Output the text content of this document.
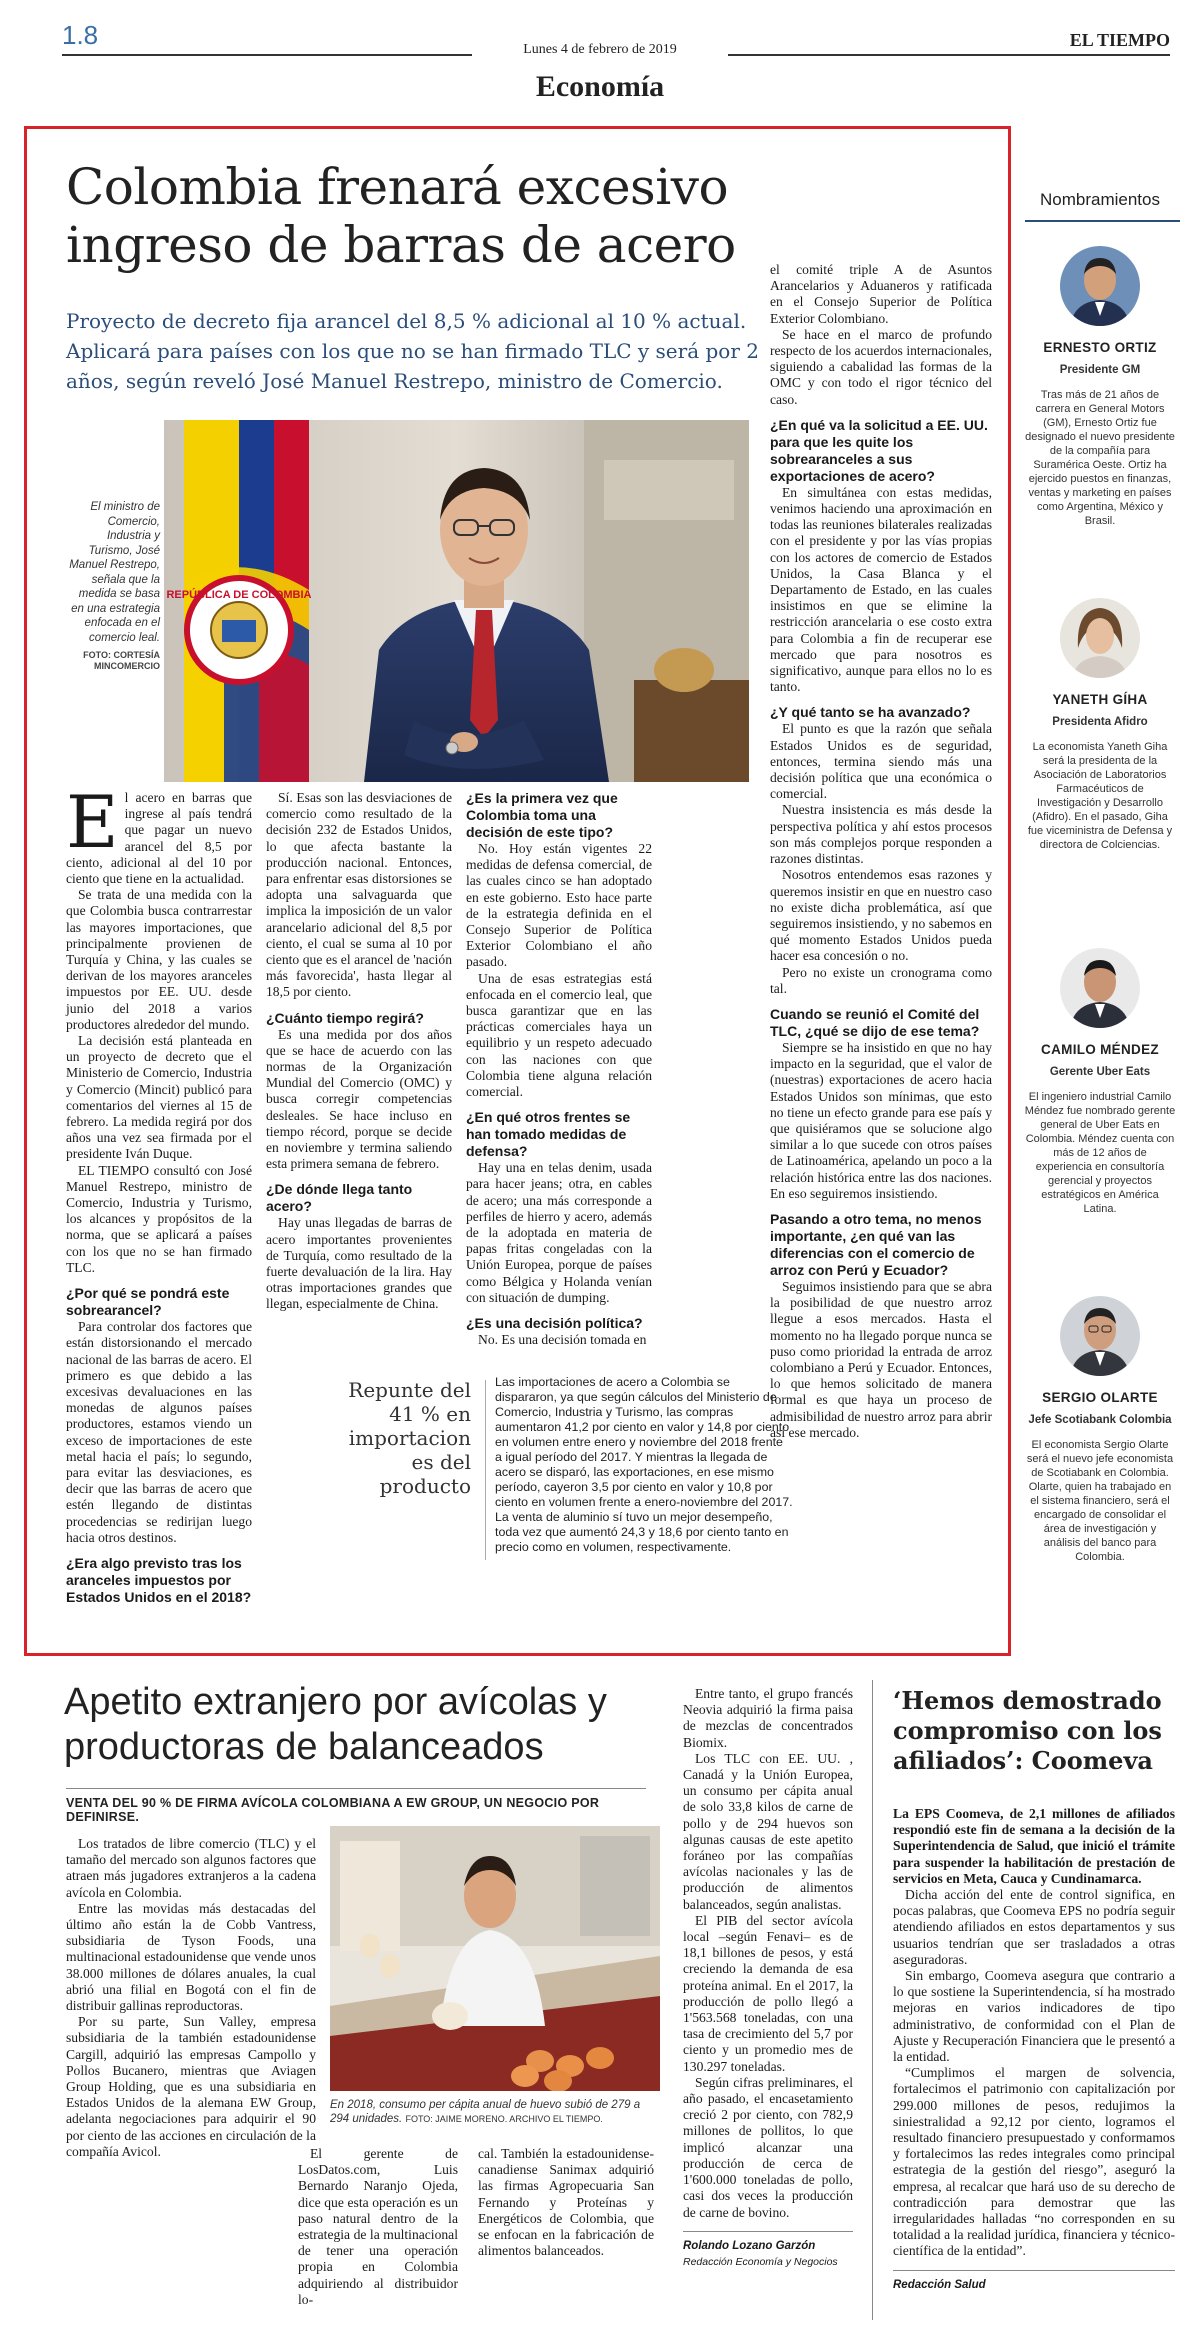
1.8	Lunes 4 de febrero de 2019	EL TIEMPO
Economía
Colombia frenará excesivo ingreso de barras de acero
Proyecto de decreto fija arancel del 8,5 % adicional al 10 % actual. Aplicará para países con los que no se han firmado TLC y será por 2 años, según reveló José Manuel Restrepo, ministro de Comercio.
El ministro de Comercio, Industria y Turismo, José Manuel Restrepo, señala que la medida se basa en una estrategia enfocada en el comercio leal.
FOTO: CORTESÍA MINCOMERCIO
REPÚBLICA DE COLOMBIA
E l acero en barras que ingrese al país tendrá que pagar un nuevo arancel del 8,5 por ciento, adicional al del 10 por ciento que tiene en la actualidad.

Se trata de una medida con la que Colombia busca contrarrestar las mayores importaciones, que principalmente provienen de Turquía y China, y las cuales se derivan de los mayores aranceles impuestos por EE. UU. desde junio del 2018 a varios productores alrededor del mundo.

La decisión está planteada en un proyecto de decreto que el Ministerio de Comercio, Industria y Comercio (Mincit) publicó para comentarios del viernes al 15 de febrero. La medida regirá por dos años una vez sea firmada por el presidente Iván Duque.

EL TIEMPO consultó con José Manuel Restrepo, ministro de Comercio, Industria y Turismo, los alcances y propósitos de la norma, que se aplicará a países con los que no se han firmado TLC.

¿Por qué se pondrá este sobrearancel?

Para controlar dos factores que están distorsionando el mercado nacional de las barras de acero. El primero es que debido a las excesivas devaluaciones en las monedas de algunos países productores, estamos viendo un exceso de importaciones de este metal hacia el país; lo segundo, para evitar las desviaciones, es decir que las barras de acero que estén llegando de distintas procedencias se redirijan luego hacia otros destinos.

¿Era algo previsto tras los aranceles impuestos por Estados Unidos en el 2018?

Sí. Esas son las desviaciones de comercio como resultado de la decisión 232 de Estados Unidos, lo que afecta bastante la producción nacional. Entonces, para enfrentar esas distorsiones se adopta una salvaguarda que implica la imposición de un valor arancelario adicional del 8,5 por ciento, el cual se suma al 10 por ciento que es el arancel de 'nación más favorecida', hasta llegar al 18,5 por ciento.

¿Cuánto tiempo regirá?

Es una medida por dos años que se hace de acuerdo con las normas de la Organización Mundial del Comercio (OMC) y busca corregir competencias desleales. Se hace incluso en tiempo récord, porque se decide en noviembre y termina saliendo esta primera semana de febrero.

¿De dónde llega tanto acero?

Hay unas llegadas de barras de acero importantes provenientes de Turquía, como resultado de la fuerte devaluación de la lira. Hay otras importaciones grandes que llegan, especialmente de China.

¿Es la primera vez que Colombia toma una decisión de este tipo?

No. Hoy están vigentes 22 medidas de defensa comercial, de las cuales cinco se han adoptado en este gobierno. Esto hace parte de la estrategia definida en el Consejo Superior de Política Exterior Colombiano el año pasado.

Una de esas estrategias está enfocada en el comercio leal, que busca garantizar que en las prácticas comerciales haya un equilibrio y un respeto adecuado con las naciones con que Colombia tiene alguna relación comercial.

¿En qué otros frentes se han tomado medidas de defensa?

Hay una en telas denim, usada para hacer jeans; otra, en cables de acero; una más corresponde a perfiles de hierro y acero, además de la adoptada en materia de papas fritas congeladas con la Unión Europea, porque de países como Bélgica y Holanda venían con situación de dumping.

¿Es una decisión política?

No. Es una decisión tomada en

el comité triple A de Asuntos Arancelarios y Aduaneros y ratificada en el Consejo Superior de Política Exterior Colombiano.

Se hace en el marco de profundo respecto de los acuerdos internacionales, siguiendo a cabalidad las formas de la OMC y con todo el rigor técnico del caso.

¿En qué va la solicitud a EE. UU. para que les quite los sobrearanceles a sus exportaciones de acero?

En simultánea con estas medidas, venimos haciendo una aproximación en todas las reuniones bilaterales realizadas con el presidente y por las vías propias con los actores de comercio de Estados Unidos, la Casa Blanca y el Departamento de Estado, en las cuales insistimos en que se elimine la restricción arancelaria o ese costo extra para Colombia a fin de recuperar ese mercado que para nosotros es significativo, aunque para ellos no lo es tanto.

¿Y qué tanto se ha avanzado?

El punto es que la razón que señala Estados Unidos es de seguridad, entonces, termina siendo más una decisión política que una económica o comercial.

Nuestra insistencia es más desde la perspectiva política y ahí estos procesos son más complejos porque responden a razones distintas.

Nosotros entendemos esas razones y queremos insistir en que en nuestro caso no existe dicha problemática, así que seguiremos insistiendo, y no sabemos en qué momento Estados Unidos pueda hacer esa concesión o no.

Pero no existe un cronograma como tal.

Cuando se reunió el Comité del TLC, ¿qué se dijo de ese tema?

Siempre se ha insistido en que no hay impacto en la seguridad, que el valor de (nuestras) exportaciones de acero hacia Estados Unidos son mínimas, que esto no tiene un efecto grande para ese país y que quisiéramos que se solucione algo similar a lo que sucede con otros países de Latinoamérica, apelando un poco a la relación histórica entre las dos naciones. En eso seguiremos insistiendo.

Pasando a otro tema, no menos importante, ¿en qué van las diferencias con el comercio de arroz con Perú y Ecuador?

Seguimos insistiendo para que se abra la posibilidad de que nuestro arroz llegue a esos mercados. Hasta el momento no ha llegado porque nunca se puso como prioridad la entrada de arroz colombiano a Perú y Ecuador. Entonces, lo que hemos solicitado de manera formal es que haya un proceso de admisibilidad de nuestro arroz para abrir así ese mercado.

Repunte del 41 % en importacion es del producto
Las importaciones de acero a Colombia se dispararon, ya que según cálculos del Ministerio de Comercio, Industria y Turismo, las compras aumentaron 41,2 por ciento en valor y 14,8 por ciento en volumen entre enero y noviembre del 2018 frente a igual período del 2017. Y mientras la llegada de acero se disparó, las exportaciones, en ese mismo período, cayeron 3,5 por ciento en valor y 10,8 por ciento en volumen frente a enero-noviembre del 2017. La venta de aluminio sí tuvo un mejor desempeño, toda vez que aumentó 24,3 y 18,6 por ciento tanto en precio como en volumen, respectivamente.
Nombramientos
ERNESTO ORTIZ
Presidente GM
Tras más de 21 años de carrera en General Motors (GM), Ernesto Ortiz fue designado el nuevo presidente de la compañía para Suramérica Oeste. Ortiz ha ejercido puestos en finanzas, ventas y marketing en países como Argentina, México y Brasil.
YANETH GÍHA
Presidenta Afidro
La economista Yaneth Giha será la presidenta de la Asociación de Laboratorios Farmacéuticos de Investigación y Desarrollo (Afidro). En el pasado, Giha fue viceministra de Defensa y directora de Colciencias.
CAMILO MÉNDEZ
Gerente Uber Eats
El ingeniero industrial Camilo Méndez fue nombrado gerente general de Uber Eats en Colombia. Méndez cuenta con más de 12 años de experiencia en consultoría gerencial y proyectos estratégicos en América Latina.
SERGIO OLARTE
Jefe Scotiabank Colombia
El economista Sergio Olarte será el nuevo jefe economista de Scotiabank en Colombia. Olarte, quien ha trabajado en el sistema financiero, será el encargado de consolidar el área de investigación y análisis del banco para Colombia.
Apetito extranjero por avícolas y productoras de balanceados
VENTA DEL 90 % DE FIRMA AVÍCOLA COLOMBIANA A EW GROUP, UN NEGOCIO POR DEFINIRSE.

Los tratados de libre comercio (TLC) y el tamaño del mercado son algunos factores que atraen más jugadores extranjeros a la cadena avícola en Colombia.

Entre las movidas más destacadas del último año están la de Cobb Vantress, subsidiaria de Tyson Foods, una multinacional estadounidense que vende unos 38.000 millones de dólares anuales, la cual abrió una filial en Bogotá con el fin de distribuir gallinas reproductoras.

Por su parte, Sun Valley, empresa subsidiaria de la también estadounidense Cargill, adquirió las empresas Campollo y Pollos Bucanero, mientras que Aviagen Group Holding, que es una subsidiaria en Estados Unidos de la alemana EW Group, adelanta negociaciones para adquirir el 90 por ciento de las acciones en circulación de la compañía Avicol.

En 2018, consumo per cápita anual de huevo subió de 279 a 294 unidades. FOTO: JAIME MORENO. ARCHIVO EL TIEMPO.

El gerente de LosDatos.com, Luis Bernardo Naranjo Ojeda, dice que esta operación es un paso natural dentro de la estrategia de la multinacional de tener una operación propia en Colombia adquiriendo al distribuidor lo-

cal. También la estadounidense-canadiense Sanimax adquirió las firmas Agropecuaria San Fernando y Proteínas y Energéticos de Colombia, que se enfocan en la fabricación de alimentos balanceados.

Entre tanto, el grupo francés Neovia adquirió la firma paisa de mezclas de concentrados Biomix.

Los TLC con EE. UU. , Canadá y la Unión Europea, un consumo per cápita anual de solo 33,8 kilos de carne de pollo y de 294 huevos son algunas causas de este apetito foráneo por las compañías avícolas nacionales y las de producción de alimentos balanceados, según analistas.

El PIB del sector avícola local –según Fenavi– es de 18,1 billones de pesos, y está creciendo la demanda de esa proteína animal. En el 2017, la producción de pollo llegó a 1'563.568 toneladas, con una tasa de crecimiento del 5,7 por ciento y un promedio mes de 130.297 toneladas.

Según cifras preliminares, el año pasado, el encasetamiento creció 2 por ciento, con 782,9 millones de pollitos, lo que implicó alcanzar una producción de cerca de 1'600.000 toneladas de pollo, casi dos veces la producción de carne de bovino.

Rolando Lozano Garzón
Redacción Economía y Negocios
‘Hemos demostrado compromiso con los afiliados’: Coomeva

La EPS Coomeva, de 2,1 millones de afiliados respondió este fin de semana a la decisión de la Superintendencia de Salud, que inició el trámite para suspender la habilitación de prestación de servicios en Meta, Cauca y Cundinamarca.

Dicha acción del ente de control significa, en pocas palabras, que Coomeva EPS no podría seguir atendiendo afiliados en estos departamentos y sus usuarios tendrían que ser trasladados a otras aseguradoras.

Sin embargo, Coomeva asegura que contrario a lo que sostiene la Superintendencia, sí ha mostrado mejoras en varios indicadores de tipo administrativo, de conformidad con el Plan de Ajuste y Recuperación Financiera que le presentó a la entidad.

“Cumplimos el margen de solvencia, fortalecimos el patrimonio con capitalización por 299.000 millones de pesos, redujimos la siniestralidad a 92,12 por ciento, logramos el resultado financiero presupuestado y conformamos y fortalecimos las redes integrales como principal estrategia de la gestión del riesgo”, aseguró la empresa, al recalcar que hará uso de su derecho de contradicción para demostrar que las irregularidades halladas “no corresponden en su totalidad a la realidad jurídica, financiera y técnico-científica de la entidad”.

Redacción Salud
